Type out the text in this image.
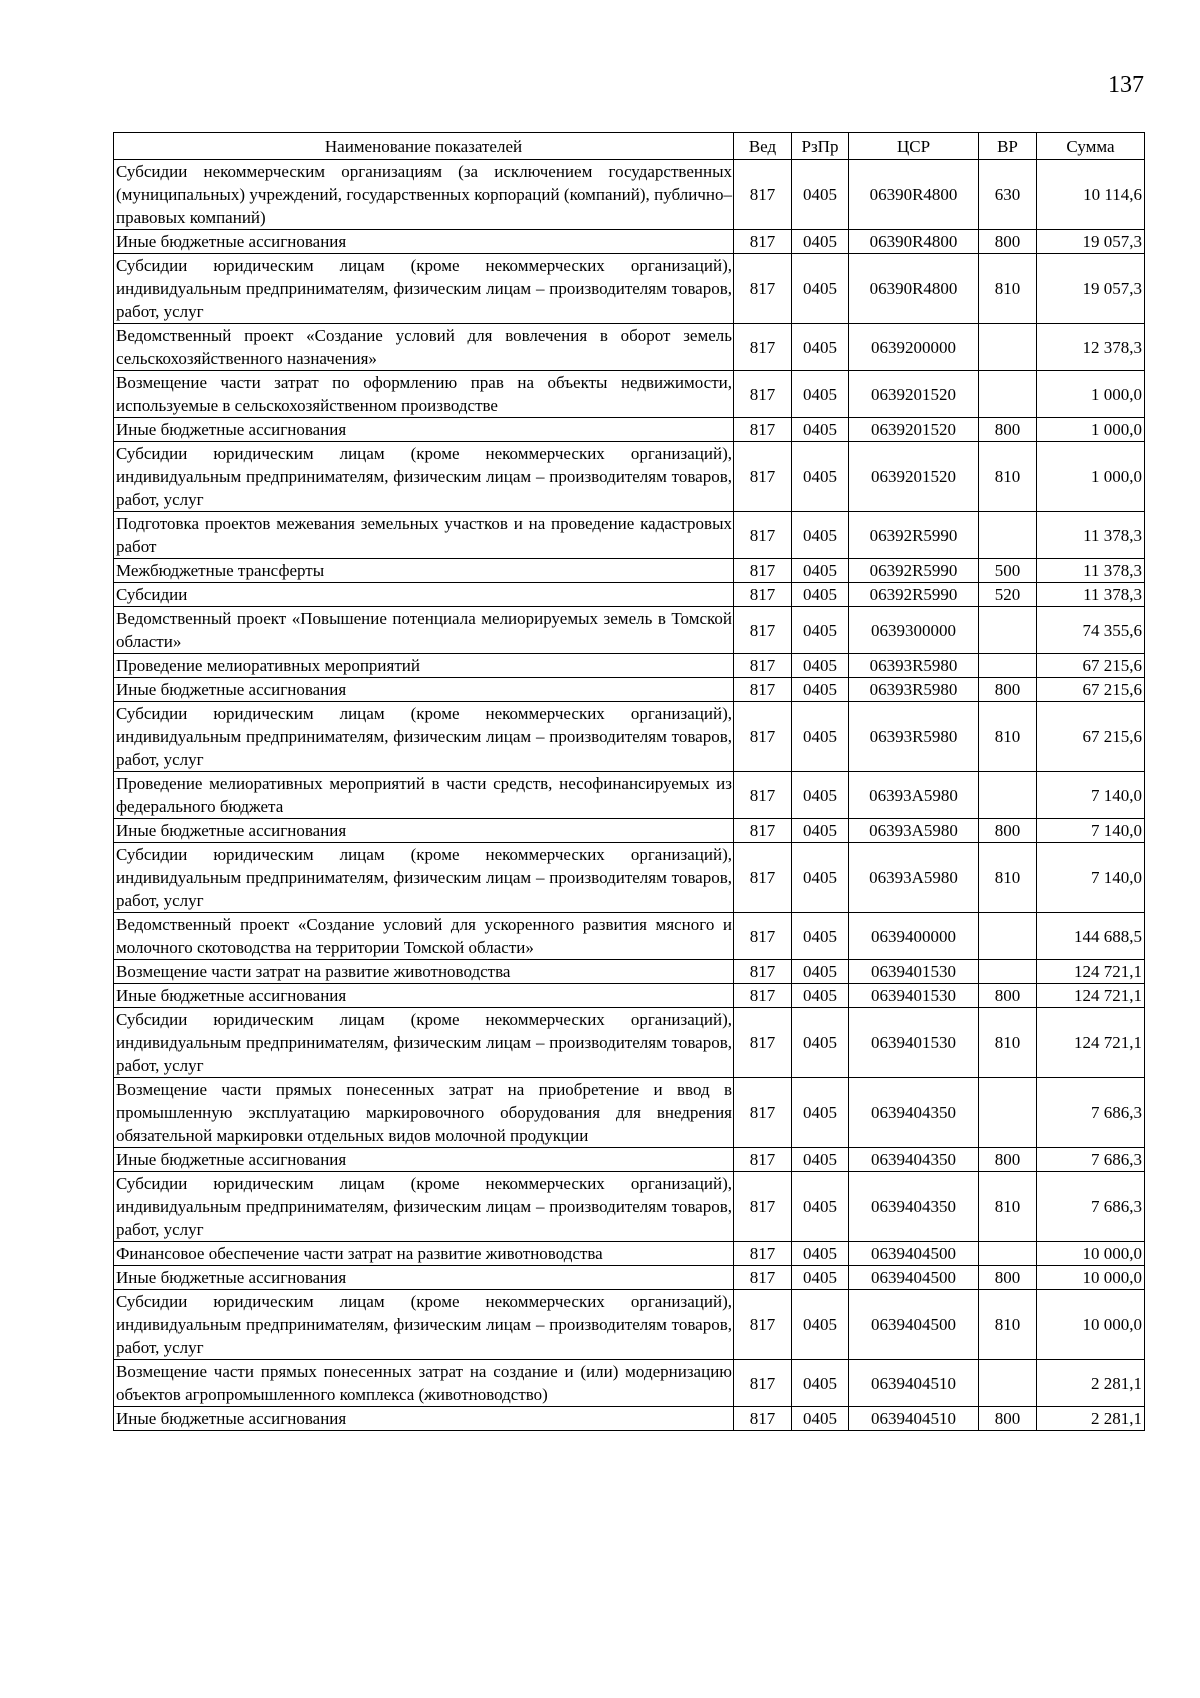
137
Наименование показателей	Вед	РзПр	ЦСР	ВР	Сумма
Субсидии некоммерческим организациям (за исключением государственных (муниципальных) учреждений, государственных корпораций (компаний), публично–правовых компаний)	817	0405	06390R4800	630	10 114,6
Иные бюджетные ассигнования	817	0405	06390R4800	800	19 057,3
Субсидии юридическим лицам (кроме некоммерческих организаций), индивидуальным предпринимателям, физическим лицам – производителям товаров, работ, услуг	817	0405	06390R4800	810	19 057,3
Ведомственный проект «Создание условий для вовлечения в оборот земель сельскохозяйственного назначения»	817	0405	0639200000		12 378,3
Возмещение части затрат по оформлению прав на объекты недвижимости, используемые в сельскохозяйственном производстве	817	0405	0639201520		1 000,0
Иные бюджетные ассигнования	817	0405	0639201520	800	1 000,0
Субсидии юридическим лицам (кроме некоммерческих организаций), индивидуальным предпринимателям, физическим лицам – производителям товаров, работ, услуг	817	0405	0639201520	810	1 000,0
Подготовка проектов межевания земельных участков и на проведение кадастровых работ	817	0405	06392R5990		11 378,3
Межбюджетные трансферты	817	0405	06392R5990	500	11 378,3
Субсидии	817	0405	06392R5990	520	11 378,3
Ведомственный проект «Повышение потенциала мелиорируемых земель в Томской области»	817	0405	0639300000		74 355,6
Проведение мелиоративных мероприятий	817	0405	06393R5980		67 215,6
Иные бюджетные ассигнования	817	0405	06393R5980	800	67 215,6
Субсидии юридическим лицам (кроме некоммерческих организаций), индивидуальным предпринимателям, физическим лицам – производителям товаров, работ, услуг	817	0405	06393R5980	810	67 215,6
Проведение мелиоративных мероприятий в части средств, несофинансируемых из федерального бюджета	817	0405	06393A5980		7 140,0
Иные бюджетные ассигнования	817	0405	06393A5980	800	7 140,0
Субсидии юридическим лицам (кроме некоммерческих организаций), индивидуальным предпринимателям, физическим лицам – производителям товаров, работ, услуг	817	0405	06393A5980	810	7 140,0
Ведомственный проект «Создание условий для ускоренного развития мясного и молочного скотоводства на территории Томской области»	817	0405	0639400000		144 688,5
Возмещение части затрат на развитие животноводства	817	0405	0639401530		124 721,1
Иные бюджетные ассигнования	817	0405	0639401530	800	124 721,1
Субсидии юридическим лицам (кроме некоммерческих организаций), индивидуальным предпринимателям, физическим лицам – производителям товаров, работ, услуг	817	0405	0639401530	810	124 721,1
Возмещение части прямых понесенных затрат на приобретение и ввод в промышленную эксплуатацию маркировочного оборудования для внедрения обязательной маркировки отдельных видов молочной продукции	817	0405	0639404350		7 686,3
Иные бюджетные ассигнования	817	0405	0639404350	800	7 686,3
Субсидии юридическим лицам (кроме некоммерческих организаций), индивидуальным предпринимателям, физическим лицам – производителям товаров, работ, услуг	817	0405	0639404350	810	7 686,3
Финансовое обеспечение части затрат на развитие животноводства	817	0405	0639404500		10 000,0
Иные бюджетные ассигнования	817	0405	0639404500	800	10 000,0
Субсидии юридическим лицам (кроме некоммерческих организаций), индивидуальным предпринимателям, физическим лицам – производителям товаров, работ, услуг	817	0405	0639404500	810	10 000,0
Возмещение части прямых понесенных затрат на создание и (или) модернизацию объектов агропромышленного комплекса (животноводство)	817	0405	0639404510		2 281,1
Иные бюджетные ассигнования	817	0405	0639404510	800	2 281,1
